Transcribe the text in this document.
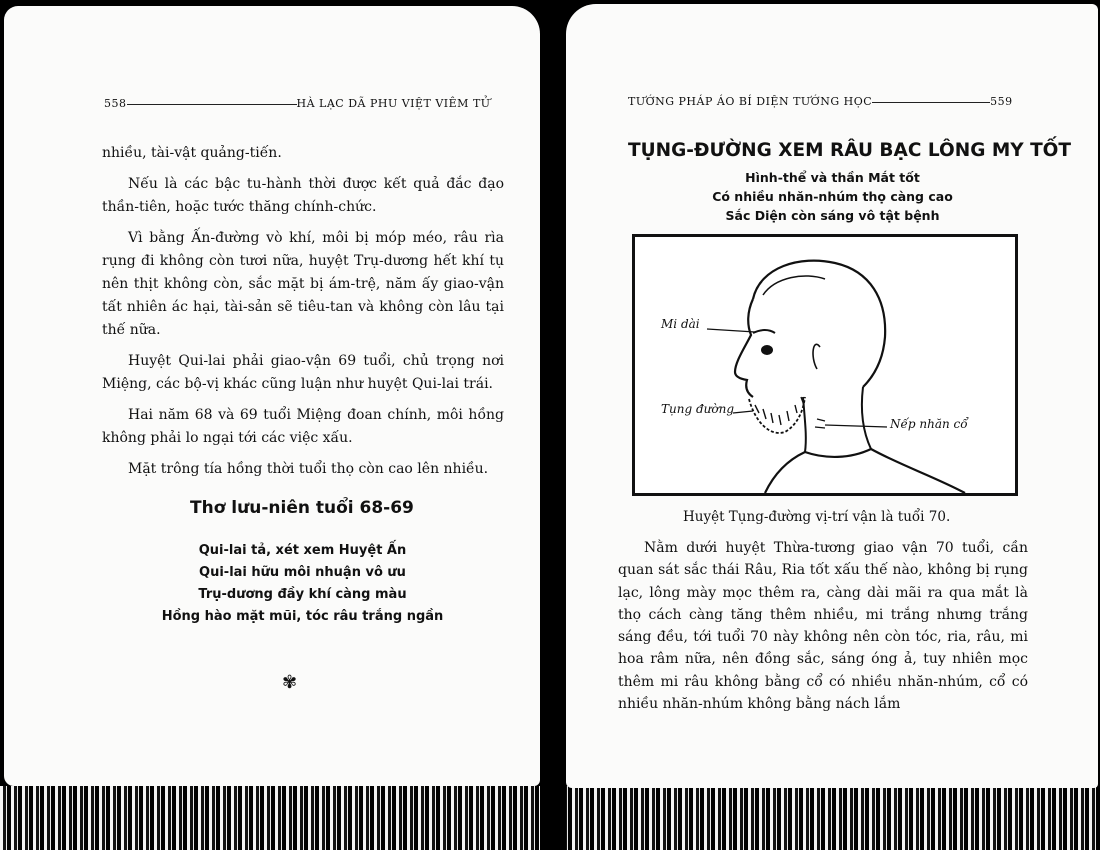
558	HÀ LẠC DÃ PHU VIỆT VIÊM TỬ

nhiều, tài-vật quảng-tiến.

Nếu là các bậc tu-hành thời được kết quả đắc đạo thần-tiên, hoặc tước thăng chính-chức.

Vì bằng Ấn-đường vò khí, môi bị móp méo, râu rìa rụng đi không còn tươi nữa, huyệt Trụ-dương hết khí tụ nên thịt không còn, sắc mặt bị ám-trệ, năm ấy giao-vận tất nhiên ác hại, tài-sản sẽ tiêu-tan và không còn lâu tại thế nữa.

Huyệt Qui-lai phải giao-vận 69 tuổi, chủ trọng nơi Miệng, các bộ-vị khác cũng luận như huyệt Qui-lai trái.

Hai năm 68 và 69 tuổi Miệng đoan chính, môi hồng không phải lo ngại tới các việc xấu.

Mặt trông tía hồng thời tuổi thọ còn cao lên nhiều.

Thơ lưu-niên tuổi 68-69
Qui-lai tả, xét xem Huyệt Ấn
Qui-lai hữu môi nhuận vô ưu
Trụ-dương đầy khí càng màu
Hồng hào mặt mũi, tóc râu trắng ngần
✾
TƯỚNG PHÁP ÁO BÍ DIỆN TƯỚNG HỌC	559
TỤNG-ĐƯỜNG XEM RÂU BẠC LÔNG MY TỐT
Hình-thể và thần Mắt tốt
Có nhiều nhăn-nhúm thọ càng cao
Sắc Diện còn sáng vô tật bệnh
Mi dài
Tụng đường
Nếp nhăn cổ
Huyệt Tụng-đường vị-trí vận là tuổi 70.

Nằm dưới huyệt Thừa-tương giao vận 70 tuổi, cần quan sát sắc thái Râu, Ria tốt xấu thế nào, không bị rụng lạc, lông mày mọc thêm ra, càng dài mãi ra qua mắt là thọ cách càng tăng thêm nhiều, mi trắng nhưng trắng sáng đều, tới tuổi 70 này không nên còn tóc, ria, râu, mi hoa râm nữa, nên đồng sắc, sáng óng ả, tuy nhiên mọc thêm mi râu không bằng cổ có nhiều nhăn-nhúm, cổ có nhiều nhăn-nhúm không bằng nách lắm
